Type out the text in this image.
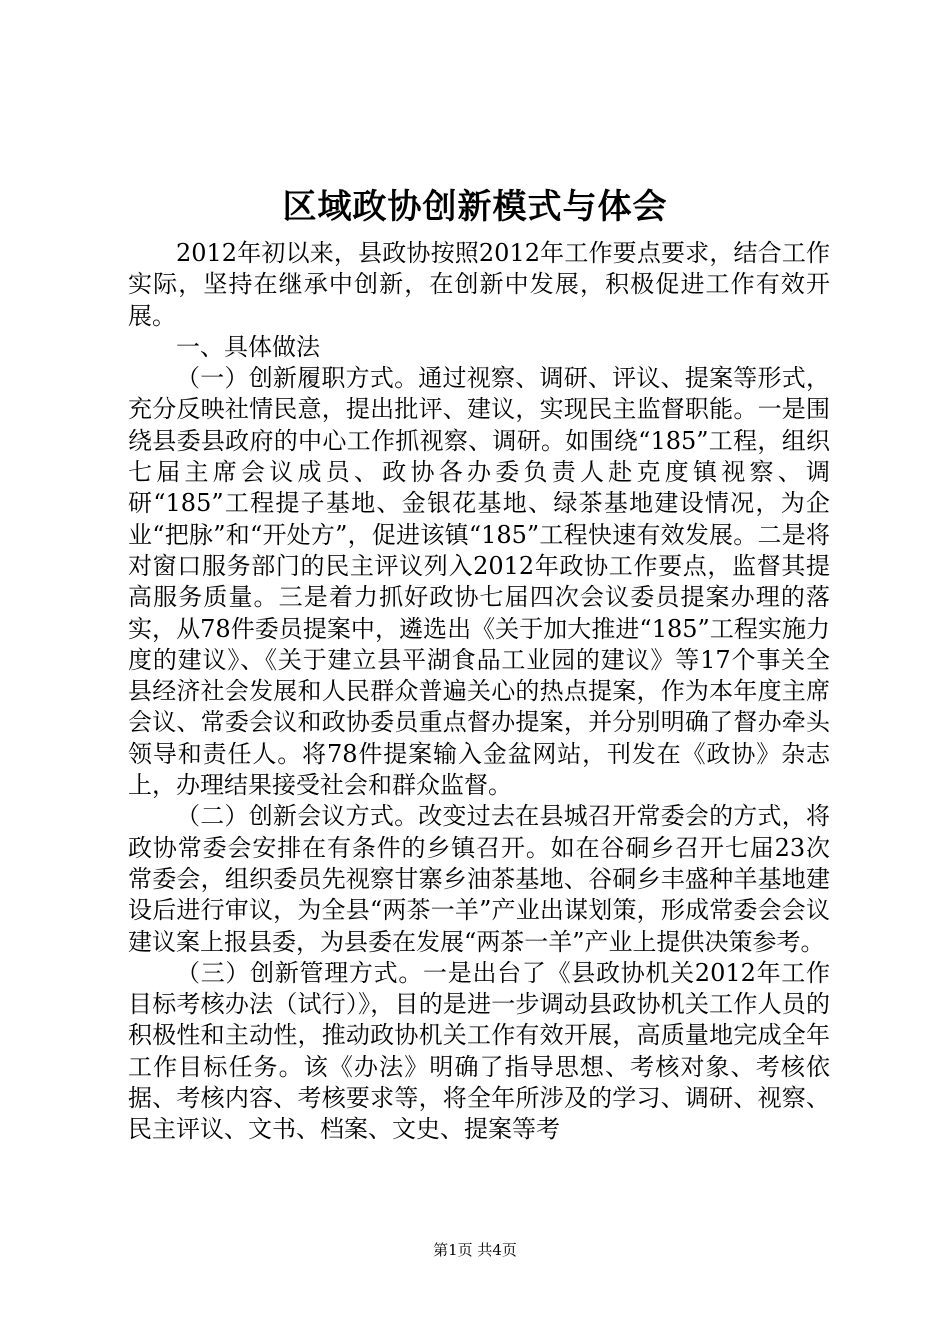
区域政协创新模式与体会

2012年初以来，县政协按照2012年工作要点要求，结合工作实际，坚持在继承中创新，在创新中发展，积极促进工作有效开展。

一、具体做法

（一）创新履职方式。通过视察、调研、评议、提案等形式，充分反映社情民意，提出批评、建议，实现民主监督职能。一是围绕县委县政府的中心工作抓视察、调研。如围绕“185”工程，组织七届主席会议成员、政协各办委负责人赴克度镇视察、调研“185”工程提子基地、金银花基地、绿茶基地建设情况，为企业“把脉”和“开处方”，促进该镇“185”工程快速有效发展。二是将对窗口服务部门的民主评议列入2012年政协工作要点，监督其提高服务质量。三是着力抓好政协七届四次会议委员提案办理的落实，从78件委员提案中，遴选出《关于加大推进“185”工程实施力度的建议》、《关于建立县平湖食品工业园的建议》等17个事关全县经济社会发展和人民群众普遍关心的热点提案，作为本年度主席会议、常委会议和政协委员重点督办提案，并分别明确了督办牵头领导和责任人。将78件提案输入金盆网站，刊发在《政协》杂志上，办理结果接受社会和群众监督。

（二）创新会议方式。改变过去在县城召开常委会的方式，将政协常委会安排在有条件的乡镇召开。如在谷硐乡召开七届23次常委会，组织委员先视察甘寨乡油茶基地、谷硐乡丰盛种羊基地建设后进行审议，为全县“两茶一羊”产业出谋划策，形成常委会会议建议案上报县委，为县委在发展“两茶一羊”产业上提供决策参考。

（三）创新管理方式。一是出台了《县政协机关2012年工作目标考核办法（试行）》，目的是进一步调动县政协机关工作人员的积极性和主动性，推动政协机关工作有效开展，高质量地完成全年工作目标任务。该《办法》明确了指导思想、考核对象、考核依据、考核内容、考核要求等，将全年所涉及的学习、调研、视察、民主评议、文书、档案、文史、提案等考

第1页 共4页
